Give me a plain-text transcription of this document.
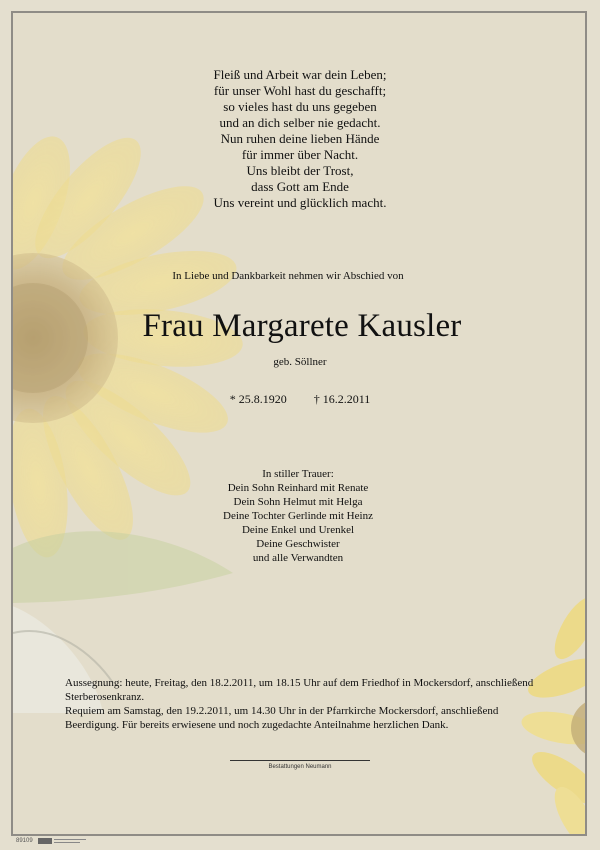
Fleiß und Arbeit war dein Leben;
für unser Wohl hast du geschafft;
so vieles hast du uns gegeben
und an dich selber nie gedacht.
Nun ruhen deine lieben Hände
für immer über Nacht.
Uns bleibt der Trost,
dass Gott am Ende
Uns vereint und glücklich macht.
In Liebe und Dankbarkeit nehmen wir Abschied von
Frau Margarete Kausler
geb. Söllner
* 25.8.1920 † 16.2.2011
In stiller Trauer:
Dein Sohn Reinhard mit Renate
Dein Sohn Helmut mit Helga
Deine Tochter Gerlinde mit Heinz
Deine Enkel und Urenkel
Deine Geschwister
und alle Verwandten

Aussegnung: heute, Freitag, den 18.2.2011, um 18.15 Uhr auf dem Friedhof in Mockersdorf, anschließend Sterberosenkranz.

Requiem am Samstag, den 19.2.2011, um 14.30 Uhr in der Pfarrkirche Mockersdorf, anschließend Beerdigung. Für bereits erwiesene und noch zugedachte Anteilnahme herzlichen Dank.

Bestattungen Neumann
89109
